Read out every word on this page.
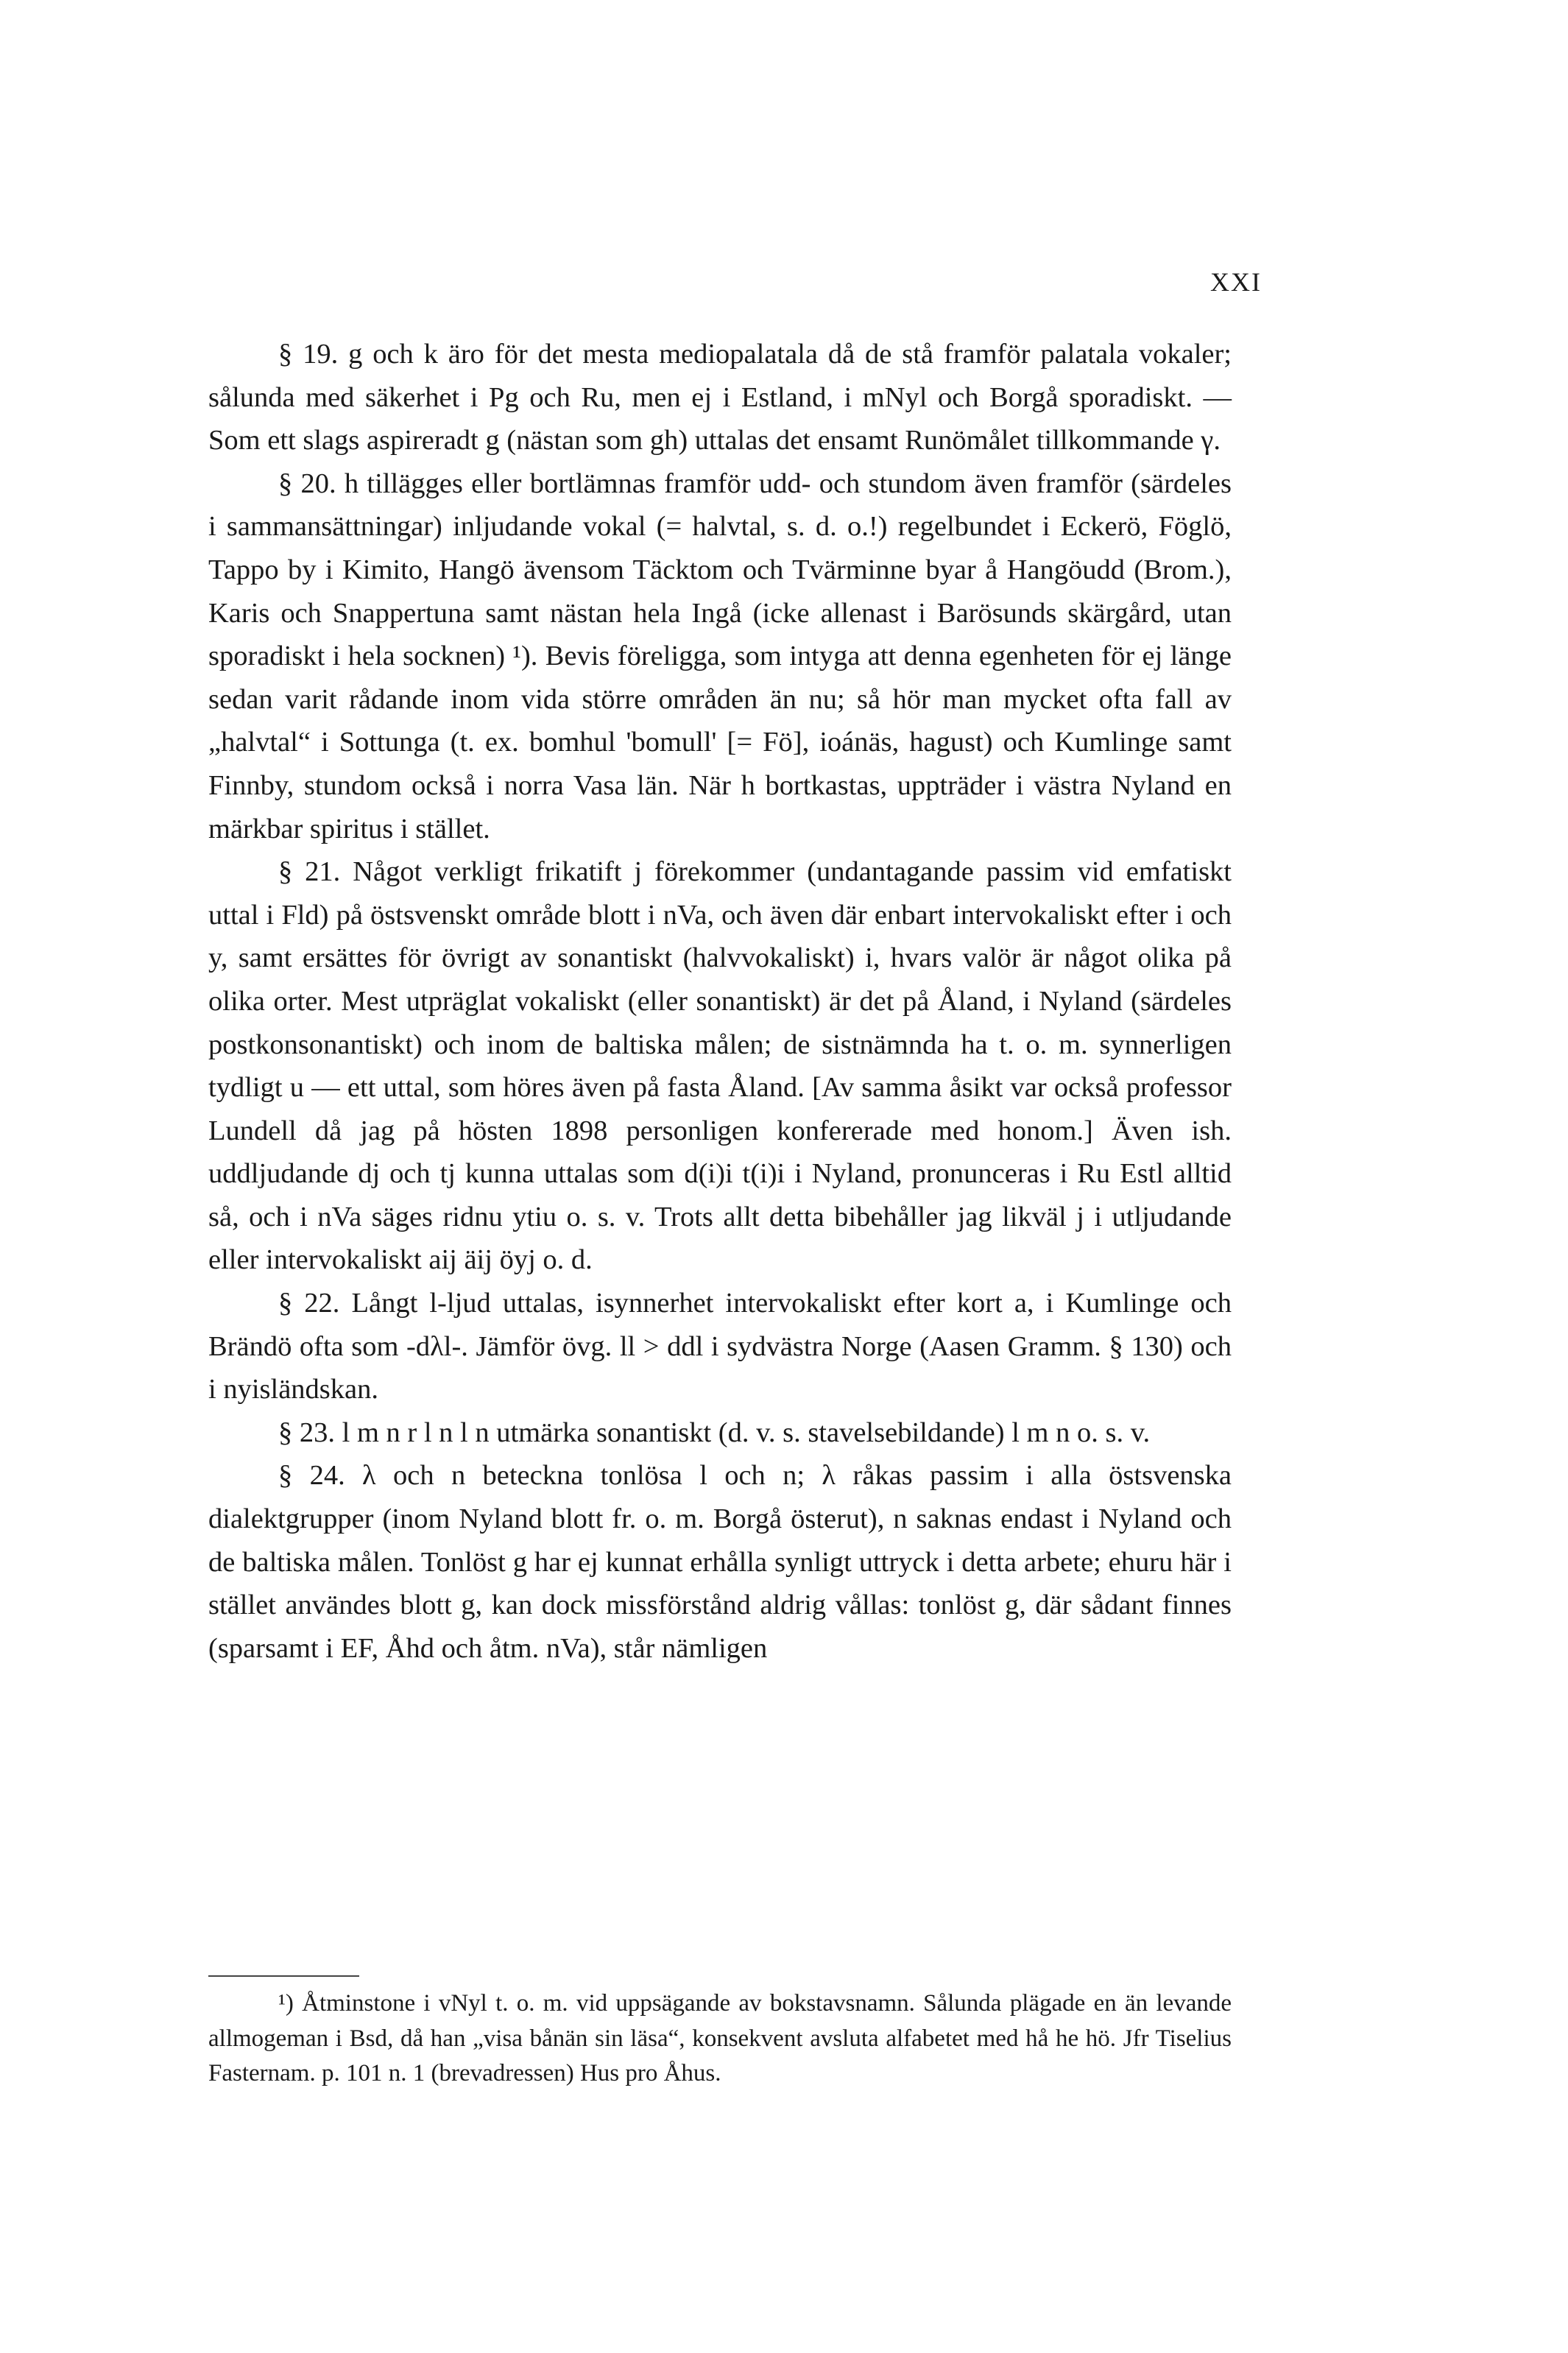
XXI

§ 19. g och k äro för det mesta mediopalatala då de stå framför palatala vokaler; sålunda med säkerhet i Pg och Ru, men ej i Estland, i mNyl och Borgå sporadiskt. — Som ett slags aspireradt g (nästan som gh) uttalas det ensamt Runömålet tillkommande γ.

§ 20. h tillägges eller bortlämnas framför udd- och stundom även framför (särdeles i sammansättningar) inljudande vokal (= halvtal, s. d. o.!) regelbundet i Eckerö, Föglö, Tappo by i Kimito, Hangö ävensom Täcktom och Tvärminne byar å Hangöudd (Brom.), Karis och Snappertuna samt nästan hela Ingå (icke allenast i Barösunds skärgård, utan sporadiskt i hela socknen) ¹). Bevis föreligga, som intyga att denna egenheten för ej länge sedan varit rådande inom vida större områden än nu; så hör man mycket ofta fall av „halvtal“ i Sottunga (t. ex. bomhul 'bomull' [= Fö], ioánäs, hagust) och Kumlinge samt Finnby, stundom också i norra Vasa län. När h bortkastas, uppträder i västra Nyland en märkbar spiritus i stället.

§ 21. Något verkligt frikatift j förekommer (undantagande passim vid emfatiskt uttal i Fld) på östsvenskt område blott i nVa, och även där enbart intervokaliskt efter i och y, samt ersättes för övrigt av sonantiskt (halvvokaliskt) i, hvars valör är något olika på olika orter. Mest utpräglat vokaliskt (eller sonantiskt) är det på Åland, i Nyland (särdeles postkonsonantiskt) och inom de baltiska målen; de sistnämnda ha t. o. m. synnerligen tydligt u — ett uttal, som höres även på fasta Åland. [Av samma åsikt var också professor Lundell då jag på hösten 1898 personligen konfererade med honom.] Även ish. uddljudande dj och tj kunna uttalas som d(i)i t(i)i i Nyland, pronunceras i Ru Estl alltid så, och i nVa säges ridnu ytiu o. s. v. Trots allt detta bibehåller jag likväl j i utljudande eller intervokaliskt aij äij öyj o. d.

§ 22. Långt l-ljud uttalas, isynnerhet intervokaliskt efter kort a, i Kumlinge och Brändö ofta som -dλl-. Jämför övg. ll > ddl i sydvästra Norge (Aasen Gramm. § 130) och i nyisländskan.

§ 23. l m n r l n l n utmärka sonantiskt (d. v. s. stavelsebildande) l m n o. s. v.

§ 24. λ och n beteckna tonlösa l och n; λ råkas passim i alla östsvenska dialektgrupper (inom Nyland blott fr. o. m. Borgå österut), n saknas endast i Nyland och de baltiska målen. Tonlöst g har ej kunnat erhålla synligt uttryck i detta arbete; ehuru här i stället användes blott g, kan dock missförstånd aldrig vållas: tonlöst g, där sådant finnes (sparsamt i EF, Åhd och åtm. nVa), står nämligen

¹) Åtminstone i vNyl t. o. m. vid uppsägande av bokstavsnamn. Sålunda plägade en än levande allmogeman i Bsd, då han „visa bånän sin läsa“, konsekvent avsluta alfabetet med hå he hö. Jfr Tiselius Fasternam. p. 101 n. 1 (brevadressen) Hus pro Åhus.
